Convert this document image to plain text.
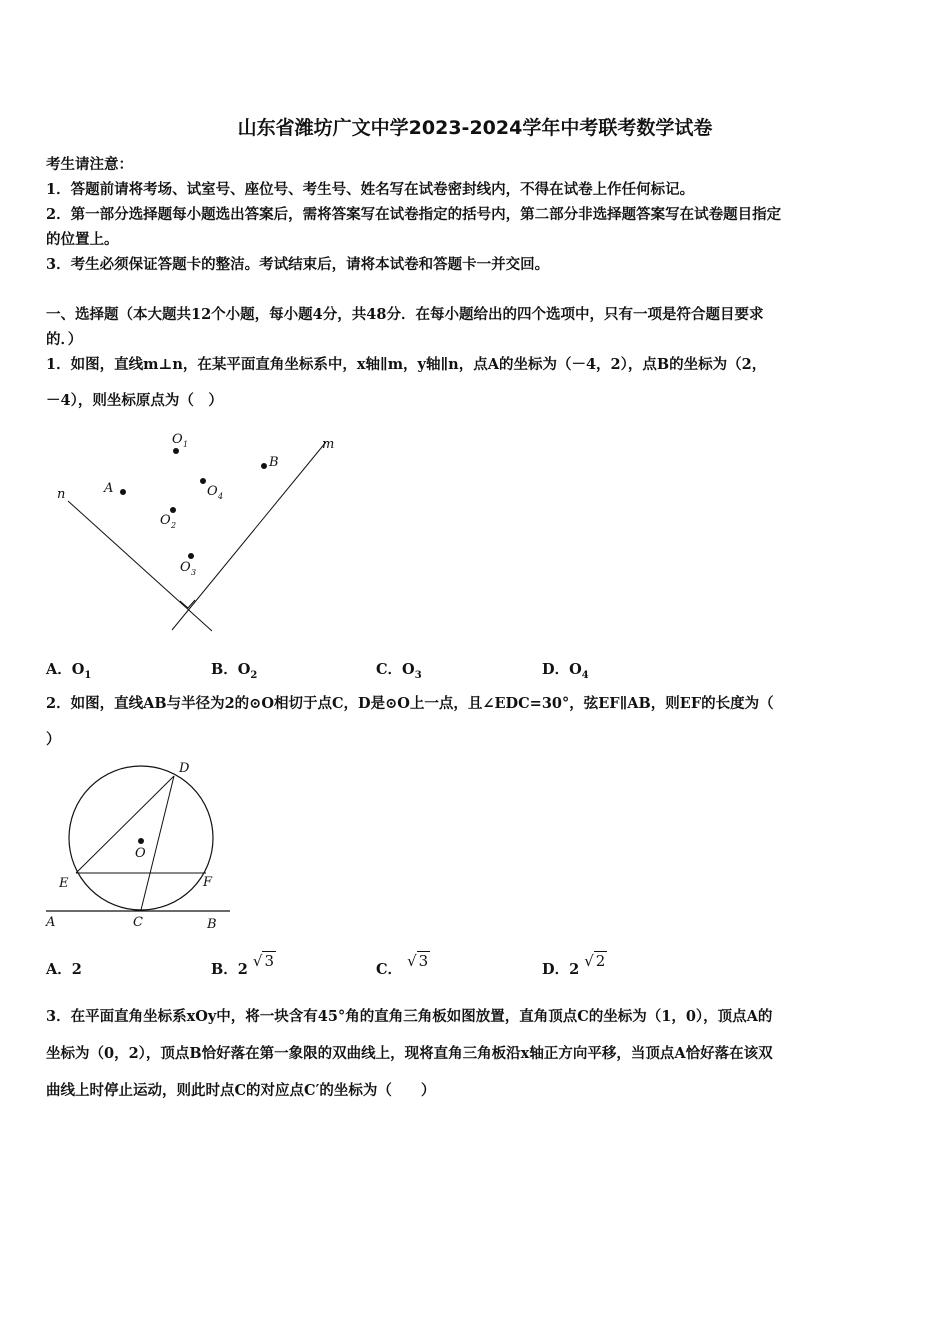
山东省潍坊广文中学2023-2024学年中考联考数学试卷
考生请注意：
1．答题前请将考场、试室号、座位号、考生号、姓名写在试卷密封线内，不得在试卷上作任何标记。
2．第一部分选择题每小题选出答案后，需将答案写在试卷指定的括号内，第二部分非选择题答案写在试卷题目指定
的位置上。
3．考生必须保证答题卡的整洁。考试结束后，请将本试卷和答题卡一并交回。
一、选择题（本大题共12个小题，每小题4分，共48分．在每小题给出的四个选项中，只有一项是符合题目要求
的．）
1．如图，直线m⊥n，在某平面直角坐标系中，x轴∥m，y轴∥n，点A的坐标为（－4，2），点B的坐标为（2，
－4），则坐标原点为（　）
m
n	A
B
O 1
O 2
O 3
O 4
A．$O_1$	B．$O_2$	C．$O_3$	D．$O_4$
2．如图，直线AB与半径为2的⊙O相切于点C，D是⊙O上一点，且∠EDC=30°，弦EF∥AB，则EF的长度为（
）
D
O
E	F
A	C	B
A．2	B．2 √ 3	C． √ 3	D．2 √ 2
3．在平面直角坐标系xOy中，将一块含有45°角的直角三角板如图放置，直角顶点C的坐标为（1，0），顶点A的
坐标为（0，2），顶点B恰好落在第一象限的双曲线上，现将直角三角板沿x轴正方向平移，当顶点A恰好落在该双
曲线上时停止运动，则此时点C的对应点C′的坐标为（　　）
